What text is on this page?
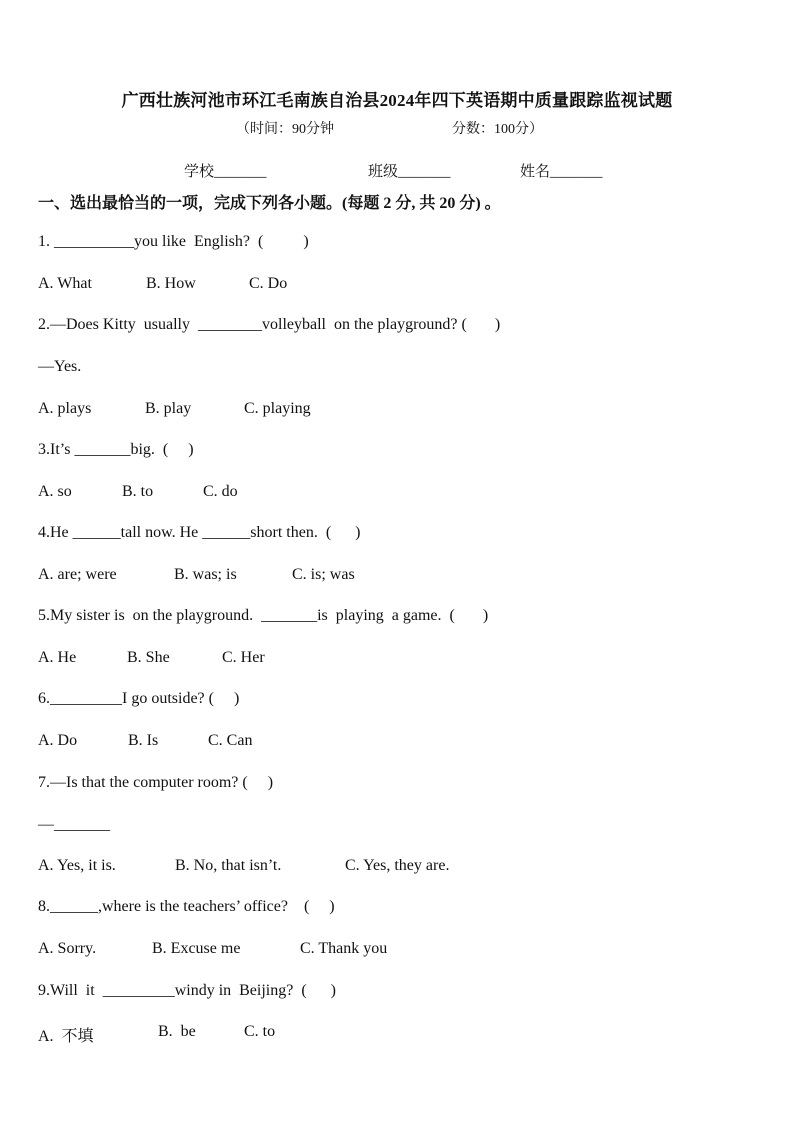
广西壮族河池市环江毛南族自治县2024年四下英语期中质量跟踪监视试题
（时间：90分钟	分数：100分）
学校_______	班级_______	姓名_______
一、选出最恰当的一项，完成下列各小题。(每题 2 分, 共 20 分) 。
1. __________you like  English?  (          )
A. What	B. How	C. Do
2.—Does Kitty  usually  ________volleyball  on the playground? (       )
—Yes.
A. plays	B. play	C. playing
3.It’s _______big.  (     )
A. so	B. to	C. do
4.He ______tall now. He ______short then.  (      )
A. are; were	B. was; is	C. is; was
5.My sister is  on the playground.  _______is  playing  a game.  (       )
A. He	B. She	C. Her
6._________I go outside? (     )
A. Do	B. Is	C. Can
7.—Is that the computer room? (     )
—_______
A. Yes, it is.	B. No, that isn’t.	C. Yes, they are.
8.______,where is the teachers’ office?    (     )
A. Sorry.	B. Excuse me	C. Thank you
9.Will  it  _________windy in  Beijing?  (      )
A.  不填	B.  be	C. to
